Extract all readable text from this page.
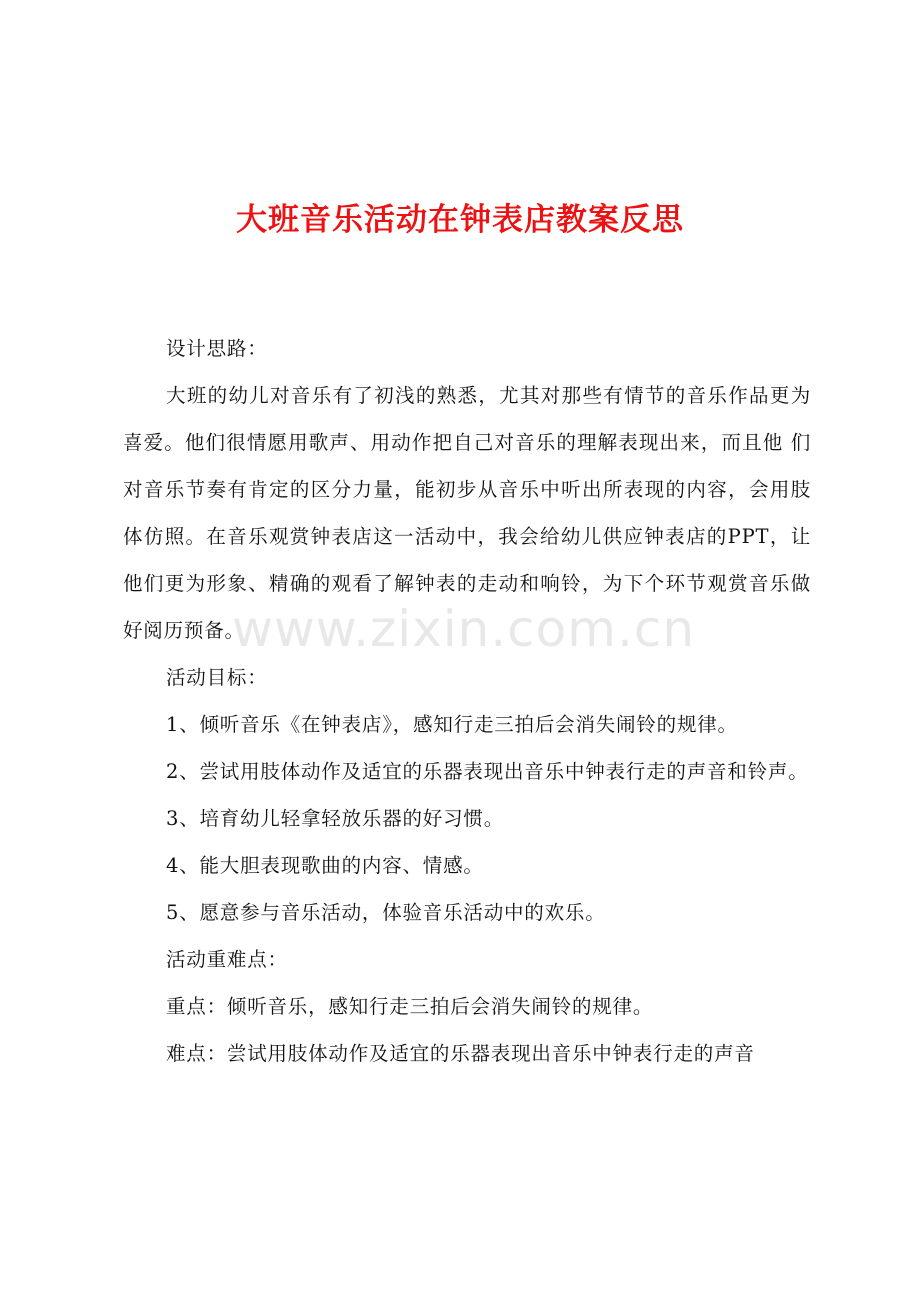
大班音乐活动在钟表店教案反思

设计思路：

大班的幼儿对音乐有了初浅的熟悉，尤其对那些有情节的音乐作品更为喜爱。他们很情愿用歌声、用动作把自己对音乐的理解表现出来，而且他 们对音乐节奏有肯定的区分力量，能初步从音乐中听出所表现的内容，会用肢体仿照。在音乐观赏钟表店这一活动中，我会给幼儿供应钟表店的PPT，让他们更为形象、精确的观看了解钟表的走动和响铃，为下个环节观赏音乐做好阅历预备。

活动目标：

1、倾听音乐《在钟表店》，感知行走三拍后会消失闹铃的规律。

2、尝试用肢体动作及适宜的乐器表现出音乐中钟表行走的声音和铃声。

3、培育幼儿轻拿轻放乐器的好习惯。

4、能大胆表现歌曲的内容、情感。

5、愿意参与音乐活动，体验音乐活动中的欢乐。

活动重难点：

重点：倾听音乐，感知行走三拍后会消失闹铃的规律。

难点：尝试用肢体动作及适宜的乐器表现出音乐中钟表行走的声音

www.zixin.com.cn
